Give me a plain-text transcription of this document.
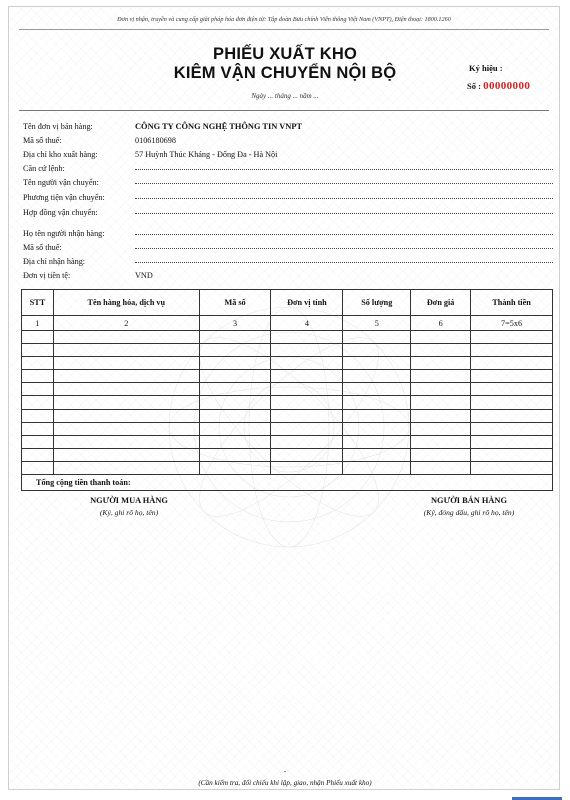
Đơn vị nhận, truyền và cung cấp giải pháp hóa đơn điện tử: Tập đoàn Bưu chính Viễn thông Việt Nam (VNPT), Điện thoại: 1800.1260
PHIẾU XUẤT KHO
KIÊM VẬN CHUYỂN NỘI BỘ
Ngày ... tháng ... năm ...
Ký hiệu :
Số : 00000000
Tên đơn vị bán hàng:	CÔNG TY CÔNG NGHỆ THÔNG TIN VNPT
Mã số thuế:	0106180698
Địa chỉ kho xuất hàng:	57 Huỳnh Thúc Kháng - Đống Đa - Hà Nội
Căn cứ lệnh:
Tên người vận chuyển:
Phương tiện vận chuyển:
Hợp đồng vận chuyển:
Họ tên người nhận hàng:
Mã số thuế:
Địa chỉ nhận hàng:
Đơn vị tiền tệ:	VND
STT	Tên hàng hóa, dịch vụ	Mã số	Đơn vị tính	Số lượng	Đơn giá	Thành tiền
1	2	3	4	5	6	7=5x6

Tổng cộng tiền thanh toán:						
NGƯỜI MUA HÀNG
(Ký, ghi rõ họ, tên)
NGƯỜI BÁN HÀNG
(Ký, đóng dấu, ghi rõ họ, tên)
-
(Cần kiểm tra, đối chiếu khi lập, giao, nhận Phiếu xuất kho)
